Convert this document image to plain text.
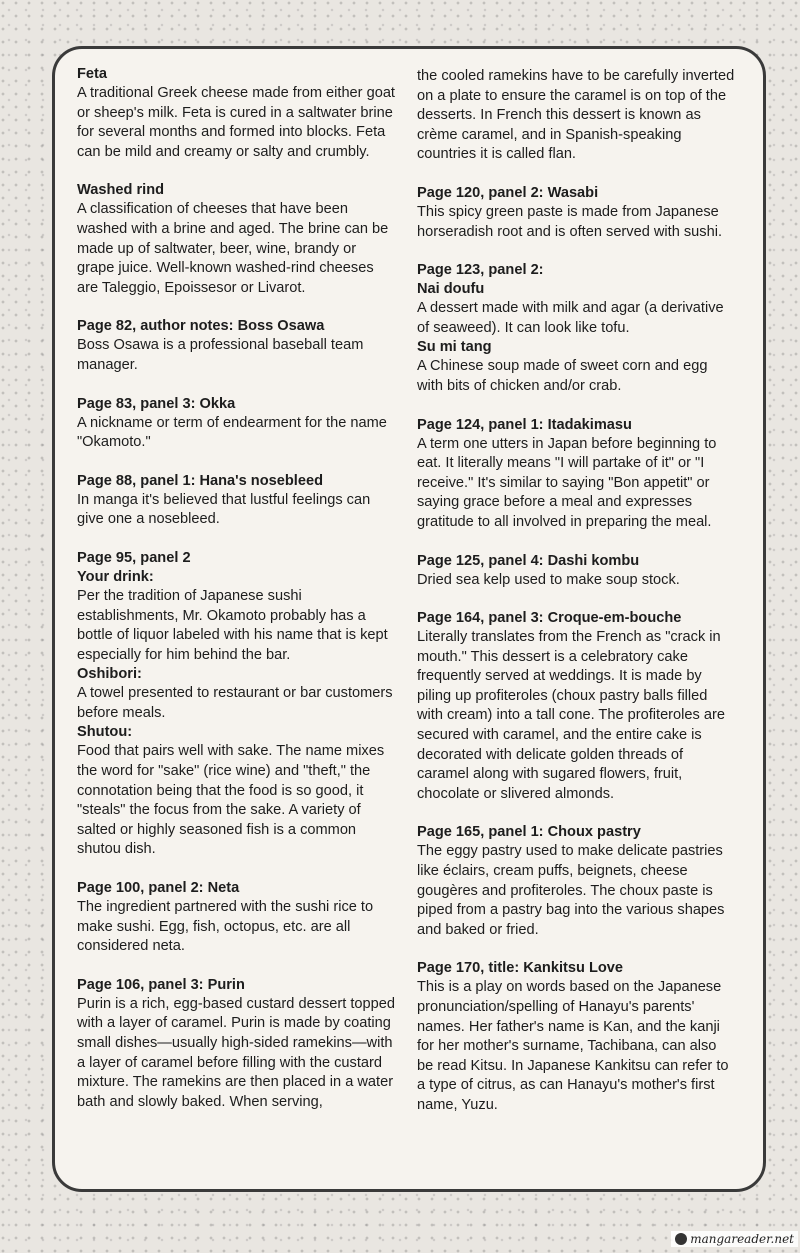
Feta
A traditional Greek cheese made from either goat or sheep's milk. Feta is cured in a saltwater brine for several months and formed into blocks. Feta can be mild and creamy or salty and crumbly.
Washed rind
A classification of cheeses that have been washed with a brine and aged. The brine can be made up of saltwater, beer, wine, brandy or grape juice. Well-known washed-rind cheeses are Taleggio, Epoissesor or Livarot.
Page 82, author notes: Boss Osawa
Boss Osawa is a professional baseball team manager.
Page 83, panel 3: Okka
A nickname or term of endearment for the name "Okamoto."
Page 88, panel 1: Hana's nosebleed
In manga it's believed that lustful feelings can give one a nosebleed.
Page 95, panel 2
Your drink:
Per the tradition of Japanese sushi establishments, Mr. Okamoto probably has a bottle of liquor labeled with his name that is kept especially for him behind the bar.
Oshibori:
A towel presented to restaurant or bar customers before meals.
Shutou:
Food that pairs well with sake. The name mixes the word for "sake" (rice wine) and "theft," the connotation being that the food is so good, it "steals" the focus from the sake. A variety of salted or highly seasoned fish is a common shutou dish.
Page 100, panel 2: Neta
The ingredient partnered with the sushi rice to make sushi. Egg, fish, octopus, etc. are all considered neta.
Page 106, panel 3: Purin
Purin is a rich, egg-based custard dessert topped with a layer of caramel. Purin is made by coating small dishes—usually high-sided ramekins—with a layer of caramel before filling with the custard mixture. The ramekins are then placed in a water bath and slowly baked. When serving,
the cooled ramekins have to be carefully inverted on a plate to ensure the caramel is on top of the desserts. In French this dessert is known as crème caramel, and in Spanish-speaking countries it is called flan.
Page 120, panel 2: Wasabi
This spicy green paste is made from Japanese horseradish root and is often served with sushi.
Page 123, panel 2:
Nai doufu
A dessert made with milk and agar (a derivative of seaweed). It can look like tofu.
Su mi tang
A Chinese soup made of sweet corn and egg with bits of chicken and/or crab.
Page 124, panel 1: Itadakimasu
A term one utters in Japan before beginning to eat. It literally means "I will partake of it" or "I receive." It's similar to saying "Bon appetit" or saying grace before a meal and expresses gratitude to all involved in preparing the meal.
Page 125, panel 4: Dashi kombu
Dried sea kelp used to make soup stock.
Page 164, panel 3: Croque-em-bouche
Literally translates from the French as "crack in mouth." This dessert is a celebratory cake frequently served at weddings. It is made by piling up profiteroles (choux pastry balls filled with cream) into a tall cone. The profiteroles are secured with caramel, and the entire cake is decorated with delicate golden threads of caramel along with sugared flowers, fruit, chocolate or slivered almonds.
Page 165, panel 1: Choux pastry
The eggy pastry used to make delicate pastries like éclairs, cream puffs, beignets, cheese gougères and profiteroles. The choux paste is piped from a pastry bag into the various shapes and baked or fried.
Page 170, title: Kankitsu Love
This is a play on words based on the Japanese pronunciation/spelling of Hanayu's parents' names. Her father's name is Kan, and the kanji for her mother's surname, Tachibana, can also be read Kitsu. In Japanese Kankitsu can refer to a type of citrus, as can Hanayu's mother's first name, Yuzu.
mangareader.net
